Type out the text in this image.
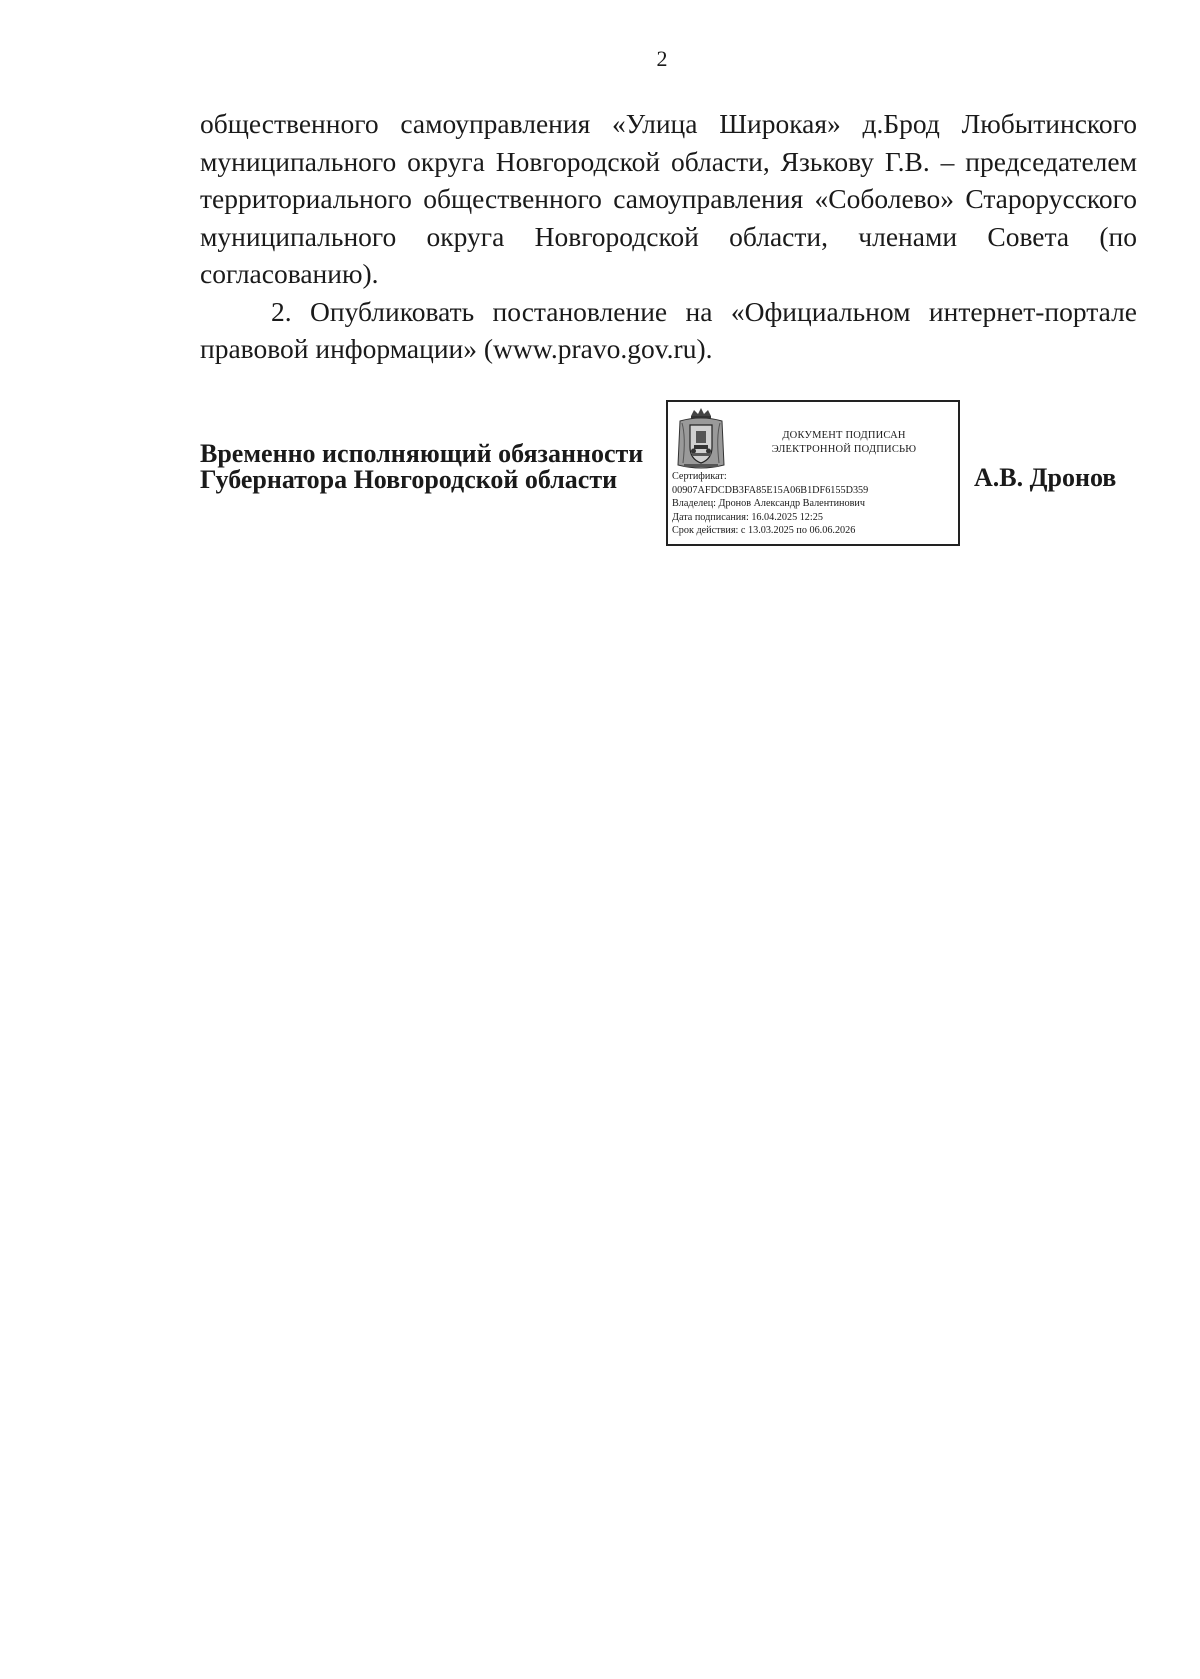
2

общественного самоуправления «Улица Широкая» д.Брод Любытинского
муниципального округа Новгородской области, Язькову Г.В. – председателем
территориального общественного самоуправления «Соболево» Старорусского
муниципального округа Новгородской области, членами Совета (по согласованию).

2. Опубликовать постановление на «Официальном интернет-портале
правовой информации» (www.pravo.gov.ru).

Временно исполняющий обязанности
Губернатора Новгородской области
ДОКУМЕНТ ПОДПИСАН
ЭЛЕКТРОННОЙ ПОДПИСЬЮ
Сертификат:
00907AFDCDB3FA85E15A06B1DF6155D359
Владелец: Дронов Александр Валентинович
Дата подписания: 16.04.2025 12:25
Срок действия: с 13.03.2025 по 06.06.2026
А.В. Дронов
